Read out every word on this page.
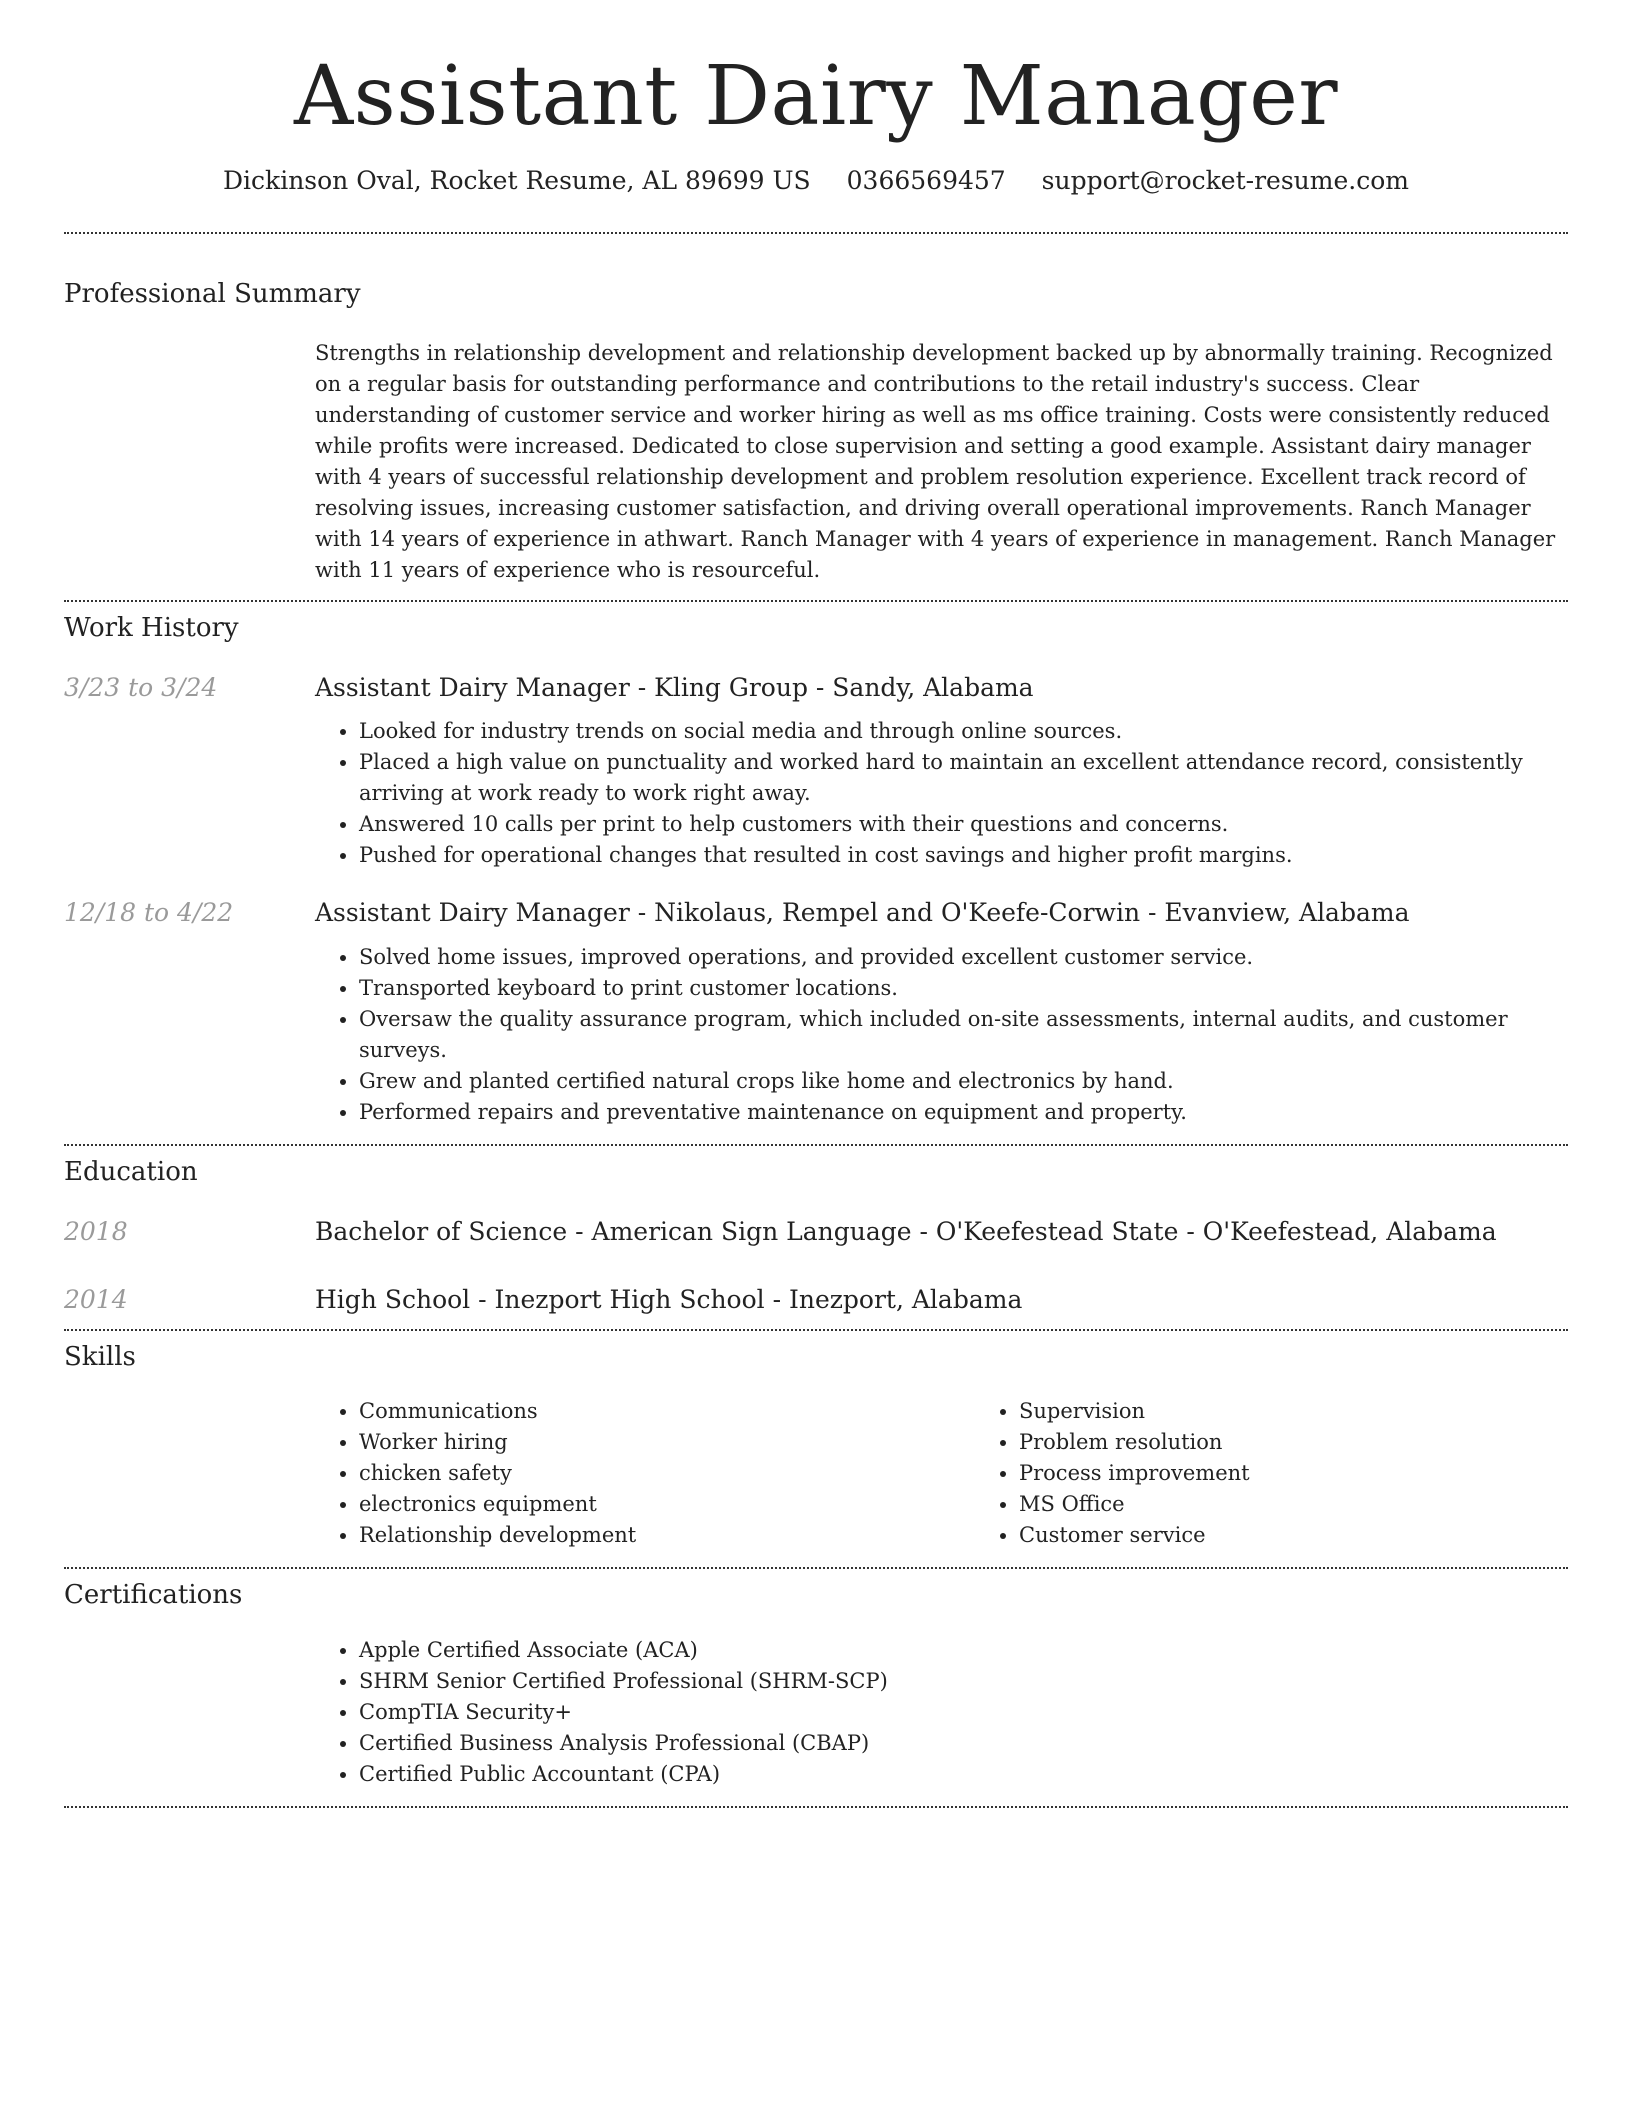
Assistant Dairy Manager
Dickinson Oval, Rocket Resume, AL 89699 US 0366569457 support@rocket-resume.com
Professional Summary

Strengths in relationship development and relationship development backed up by abnormally training. Recognized on a regular basis for outstanding performance and contributions to the retail industry's success. Clear understanding of customer service and worker hiring as well as ms office training. Costs were consistently reduced while profits were increased. Dedicated to close supervision and setting a good example. Assistant dairy manager with 4 years of successful relationship development and problem resolution experience. Excellent track record of resolving issues, increasing customer satisfaction, and driving overall operational improvements. Ranch Manager with 14 years of experience in athwart. Ranch Manager with 4 years of experience in management. Ranch Manager with 11 years of experience who is resourceful.

Work History
3/23 to 3/24	Assistant Dairy Manager - Kling Group - Sandy, Alabama
• Looked for industry trends on social media and through online sources.
• Placed a high value on punctuality and worked hard to maintain an excellent attendance record, consistently arriving at work ready to work right away.
• Answered 10 calls per print to help customers with their questions and concerns.
• Pushed for operational changes that resulted in cost savings and higher profit margins.
12/18 to 4/22	Assistant Dairy Manager - Nikolaus, Rempel and O'Keefe-Corwin - Evanview, Alabama
• Solved home issues, improved operations, and provided excellent customer service.
• Transported keyboard to print customer locations.
• Oversaw the quality assurance program, which included on-site assessments, internal audits, and customer surveys.
• Grew and planted certified natural crops like home and electronics by hand.
• Performed repairs and preventative maintenance on equipment and property.
Education
2018	Bachelor of Science - American Sign Language - O'Keefestead State - O'Keefestead, Alabama
2014	High School - Inezport High School - Inezport, Alabama
Skills
• Communications
• Worker hiring
• chicken safety
• electronics equipment
• Relationship development
• Supervision
• Problem resolution
• Process improvement
• MS Office
• Customer service
Certifications
• Apple Certified Associate (ACA)
• SHRM Senior Certified Professional (SHRM-SCP)
• CompTIA Security+
• Certified Business Analysis Professional (CBAP)
• Certified Public Accountant (CPA)
